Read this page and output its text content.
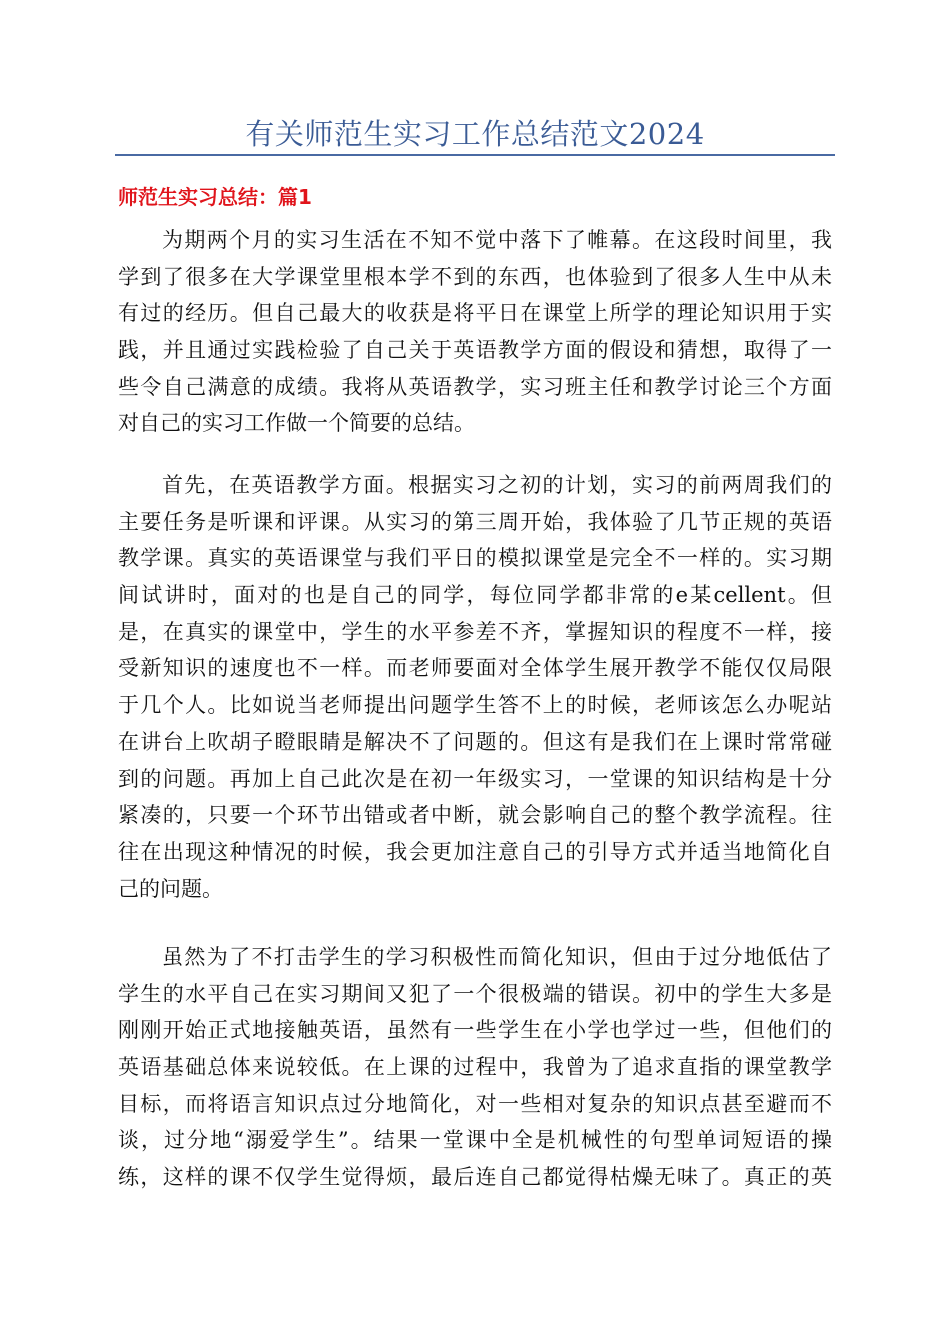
有关师范生实习工作总结范文2024
师范生实习总结：篇1
为期两个月的实习生活在不知不觉中落下了帷幕。在这段时间里，我
学到了很多在大学课堂里根本学不到的东西，也体验到了很多人生中从未
有过的经历。但自己最大的收获是将平日在课堂上所学的理论知识用于实
践，并且通过实践检验了自己关于英语教学方面的假设和猜想，取得了一
些令自己满意的成绩。我将从英语教学，实习班主任和教学讨论三个方面
对自己的实习工作做一个简要的总结。
首先，在英语教学方面。根据实习之初的计划，实习的前两周我们的
主要任务是听课和评课。从实习的第三周开始，我体验了几节正规的英语
教学课。真实的英语课堂与我们平日的模拟课堂是完全不一样的。实习期
间试讲时，面对的也是自己的同学，每位同学都非常的e某cellent。但
是，在真实的课堂中，学生的水平参差不齐，掌握知识的程度不一样，接
受新知识的速度也不一样。而老师要面对全体学生展开教学不能仅仅局限
于几个人。比如说当老师提出问题学生答不上的时候，老师该怎么办呢站
在讲台上吹胡子瞪眼睛是解决不了问题的。但这有是我们在上课时常常碰
到的问题。再加上自己此次是在初一年级实习，一堂课的知识结构是十分
紧凑的，只要一个环节出错或者中断，就会影响自己的整个教学流程。往
往在出现这种情况的时候，我会更加注意自己的引导方式并适当地简化自
己的问题。
虽然为了不打击学生的学习积极性而简化知识，但由于过分地低估了
学生的水平自己在实习期间又犯了一个很极端的错误。初中的学生大多是
刚刚开始正式地接触英语，虽然有一些学生在小学也学过一些，但他们的
英语基础总体来说较低。在上课的过程中，我曾为了追求直指的课堂教学
目标，而将语言知识点过分地简化，对一些相对复杂的知识点甚至避而不
谈，过分地“溺爱学生”。结果一堂课中全是机械性的句型单词短语的操
练，这样的课不仅学生觉得烦，最后连自己都觉得枯燥无味了。真正的英
